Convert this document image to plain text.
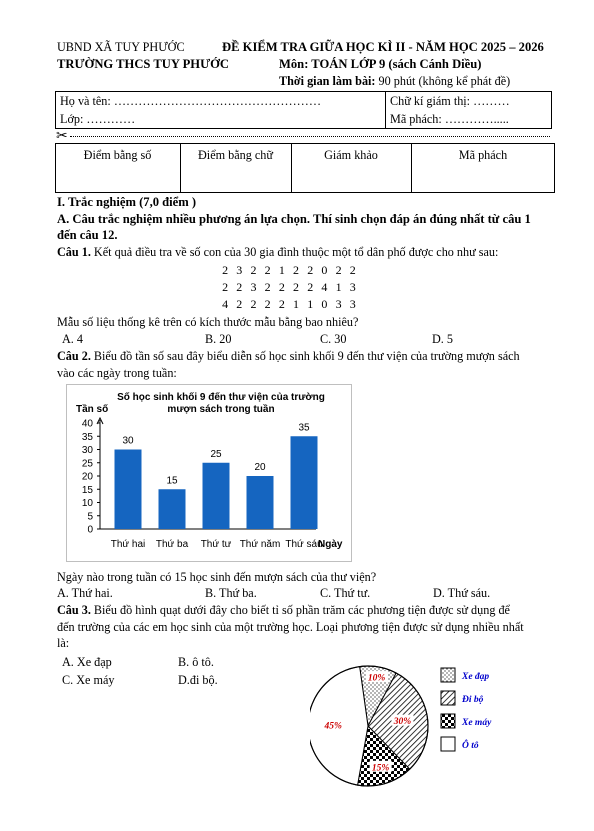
UBND XÃ TUY PHƯỚC
TRƯỜNG THCS TUY PHƯỚC
ĐỀ KIỂM TRA GIỮA HỌC KÌ II - NĂM HỌC 2025 – 2026
Môn: TOÁN LỚP 9 (sách Cánh Diều)
Thời gian làm bài: 90 phút (không kể phát đề)
Họ và tên: ……………………………………………
Lớp: …………
Chữ kí giám thị: ………
Mã phách: ………….....
✂
Điểm bằng số	Điểm bằng chữ	Giám khảo	Mã phách
I. Trắc nghiệm (7,0 điểm )
A. Câu trắc nghiệm nhiều phương án lựa chọn. Thí sinh chọn đáp án đúng nhất từ câu 1
đến câu 12.
Câu 1. Kết quả điều tra về số con của 30 gia đình thuộc một tổ dân phố được cho như sau:
2 3 2 2 1 2 2 0 2 2
2 2 3 2 2 2 2 4 1 3
4 2 2 2 2 1 1 0 3 3
Mẫu số liệu thống kê trên có kích thước mẫu bằng bao nhiêu?
A. 4	B. 20	C. 30	D. 5
Câu 2. Biểu đồ tần số sau đây biểu diễn số học sinh khối 9 đến thư viện của trường mượn sách
vào các ngày trong tuần:
Số học sinh khối 9 đến thư viện của trường
mượn sách trong tuần
Tần số
Ngày
0
5
10
15
20
25
30
35
40
30
Thứ hai
15
Thứ ba
25
Thứ tư
20
Thứ năm
35
Thứ sáu
Ngày nào trong tuần có 15 học sinh đến mượn sách của thư viện?
A. Thứ hai.	B. Thứ ba.	C. Thứ tư.	D. Thứ sáu.
Câu 3. Biểu đồ hình quạt dưới đây cho biết tỉ số phần trăm các phương tiện được sử dụng để
đến trường của các em học sinh của một trường học. Loại phương tiện được sử dụng nhiều nhất
là:
A. Xe đạp	B. ô tô.
C. Xe máy	D.đi bộ.	10%
30%
15%
45%
Xe đạp
Đi bộ
Xe máy
Ô tô
